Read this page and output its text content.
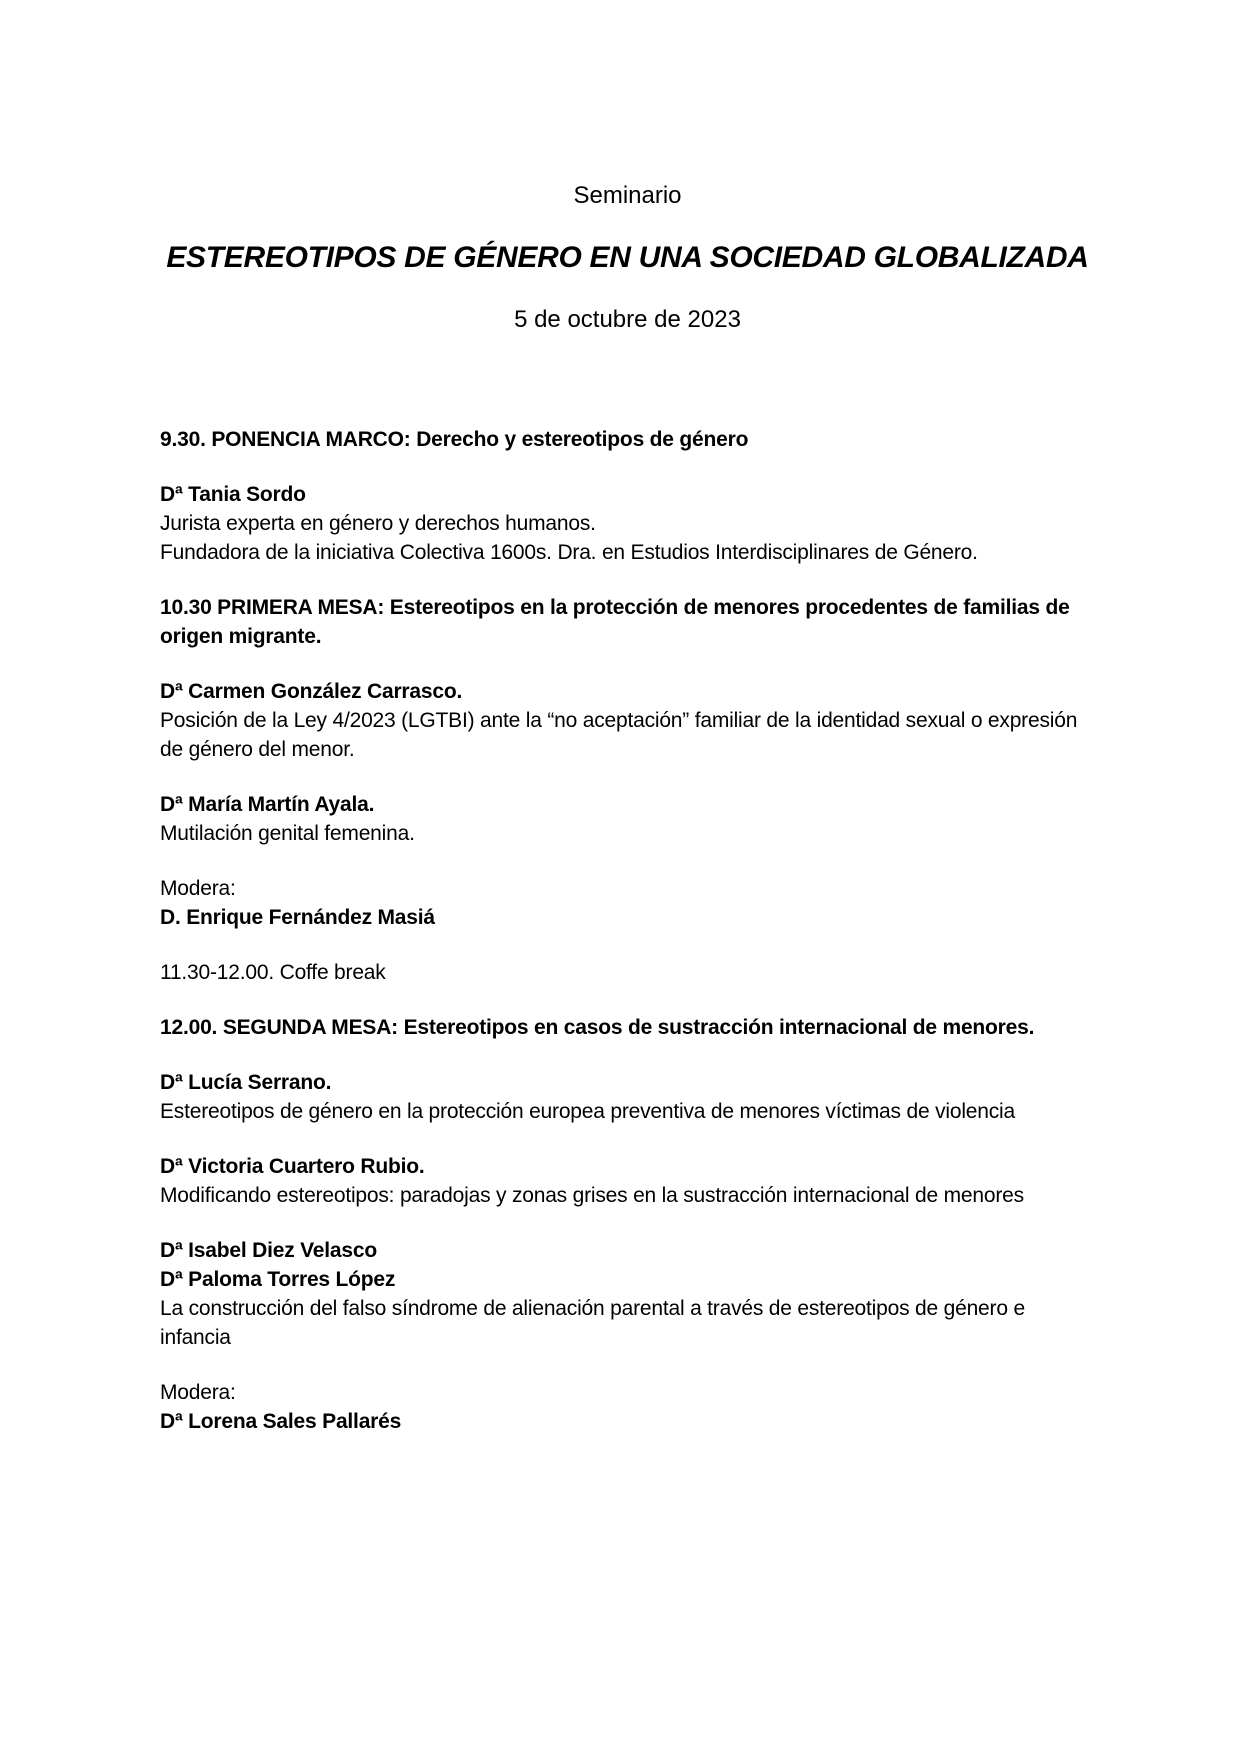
Seminario

ESTEREOTIPOS DE GÉNERO EN UNA SOCIEDAD GLOBALIZADA

5 de octubre de 2023

9.30. PONENCIA MARCO: Derecho y estereotipos de género

Dª Tania Sordo
Jurista experta en género y derechos humanos.
Fundadora de la iniciativa Colectiva 1600s. Dra. en Estudios Interdisciplinares de Género.

10.30 PRIMERA MESA: Estereotipos en la protección de menores procedentes de familias de origen migrante.

Dª Carmen González Carrasco.
Posición de la Ley 4/2023 (LGTBI) ante la “no aceptación” familiar de la identidad sexual o expresión de género del menor.
Dª María Martín Ayala.
Mutilación genital femenina.
Modera:
D. Enrique Fernández Masiá

11.30-12.00. Coffe break

12.00. SEGUNDA MESA: Estereotipos en casos de sustracción internacional de menores.

Dª Lucía Serrano.
Estereotipos de género en la protección europea preventiva de menores víctimas de violencia
Dª Victoria Cuartero Rubio.
Modificando estereotipos: paradojas y zonas grises en la sustracción internacional de menores
Dª Isabel Diez Velasco
Dª Paloma Torres López
La construcción del falso síndrome de alienación parental a través de estereotipos de género e infancia
Modera:
Dª Lorena Sales Pallarés
